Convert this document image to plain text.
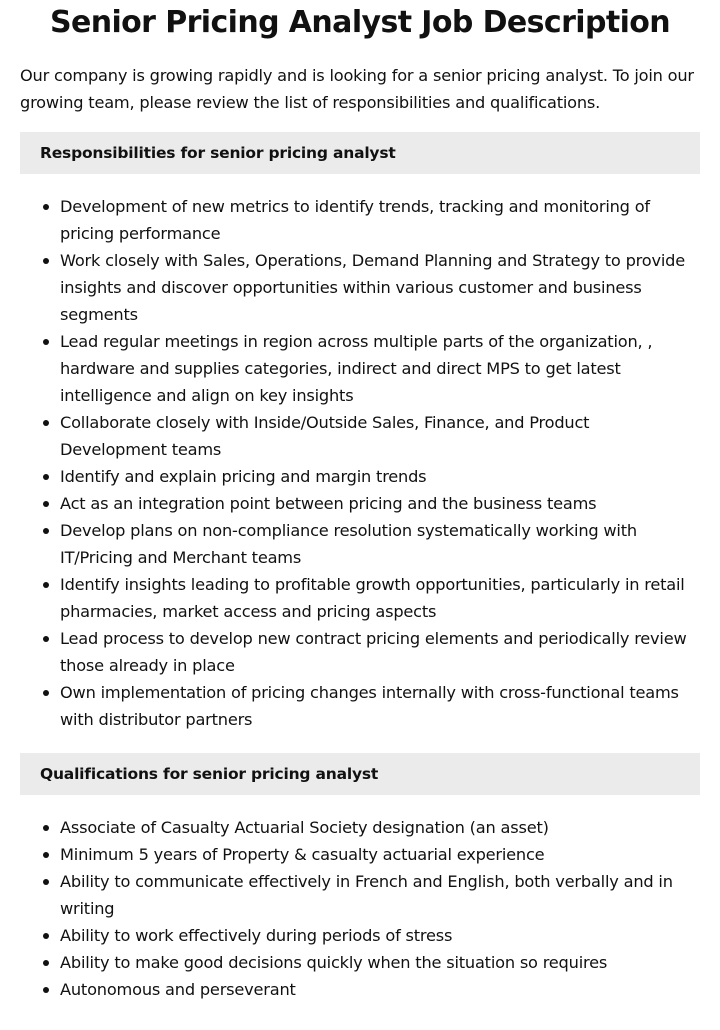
Senior Pricing Analyst Job Description

Our company is growing rapidly and is looking for a senior pricing analyst. To join our growing team, please review the list of responsibilities and qualifications.

Responsibilities for senior pricing analyst
Development of new metrics to identify trends, tracking and monitoring of pricing performance
Work closely with Sales, Operations, Demand Planning and Strategy to provide insights and discover opportunities within various customer and business segments
Lead regular meetings in region across multiple parts of the organization, , hardware and supplies categories, indirect and direct MPS to get latest intelligence and align on key insights
Collaborate closely with Inside/Outside Sales, Finance, and Product Development teams
Identify and explain pricing and margin trends
Act as an integration point between pricing and the business teams
Develop plans on non-compliance resolution systematically working with IT/Pricing and Merchant teams
Identify insights leading to profitable growth opportunities, particularly in retail pharmacies, market access and pricing aspects
Lead process to develop new contract pricing elements and periodically review those already in place
Own implementation of pricing changes internally with cross-functional teams with distributor partners
Qualifications for senior pricing analyst
Associate of Casualty Actuarial Society designation (an asset)
Minimum 5 years of Property & casualty actuarial experience
Ability to communicate effectively in French and English, both verbally and in writing
Ability to work effectively during periods of stress
Ability to make good decisions quickly when the situation so requires
Autonomous and perseverant
